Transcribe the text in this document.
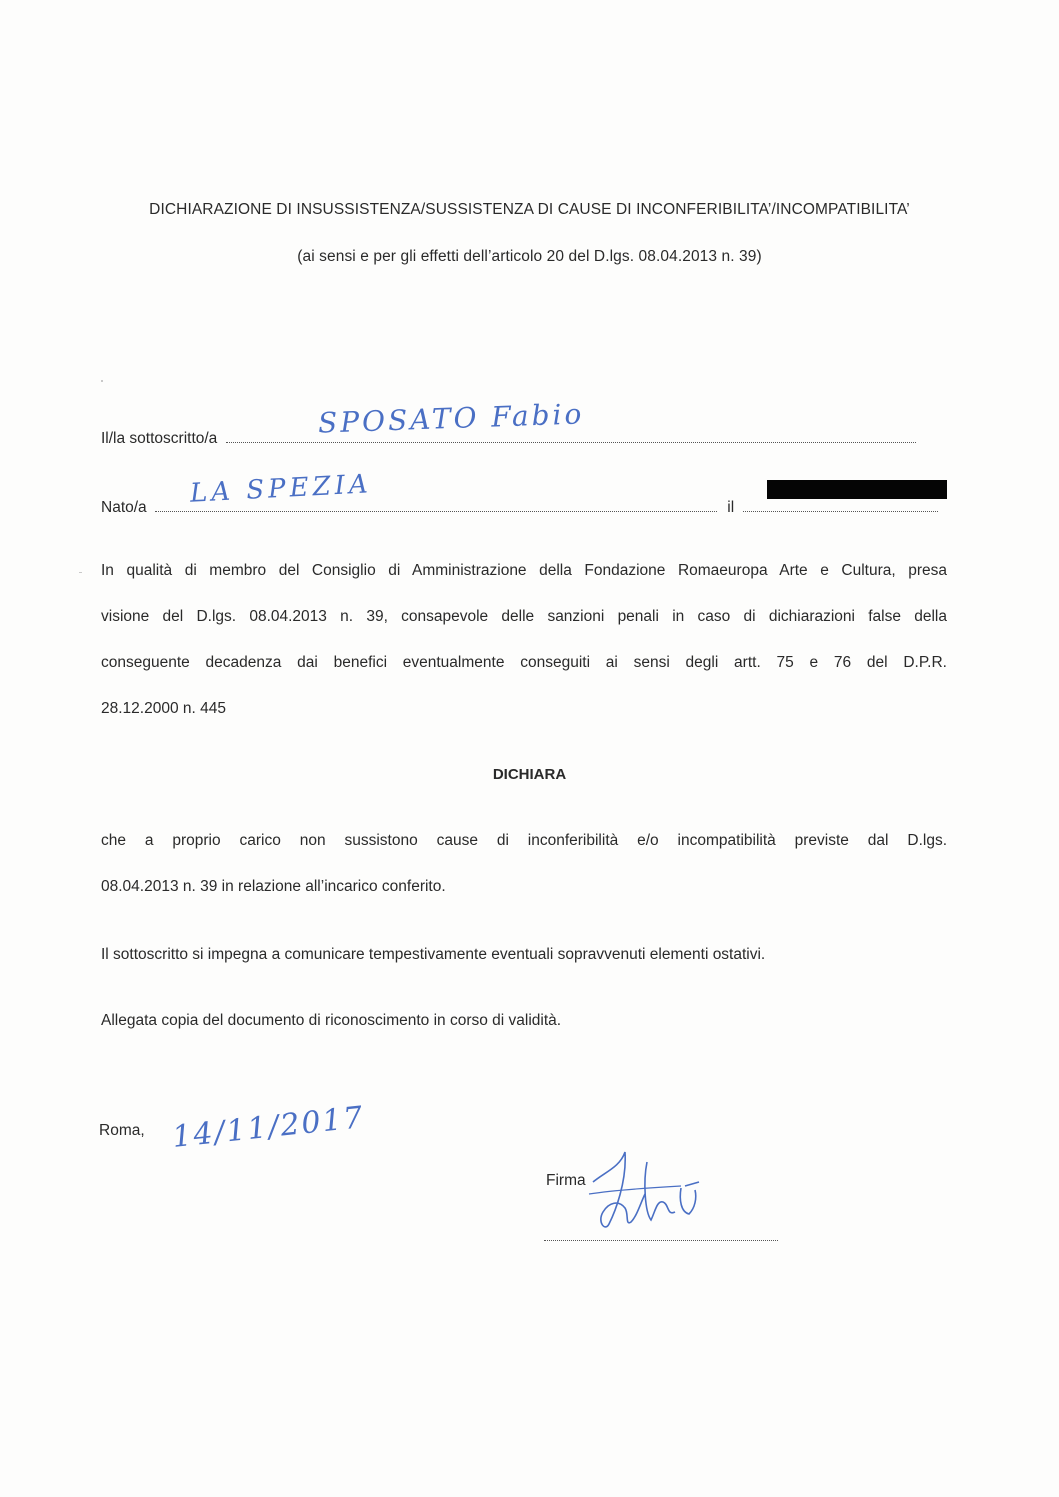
DICHIARAZIONE DI INSUSSISTENZA/SUSSISTENZA DI CAUSE DI INCONFERIBILITA’/INCOMPATIBILITA’
(ai sensi e per gli effetti dell’articolo 20 del D.lgs. 08.04.2013 n. 39)
Il/la sottoscritto/a	SPOSATO Fabio
Nato/a	il
LA SPEZIA
In qualità di membro del Consiglio di Amministrazione della Fondazione Romaeuropa Arte e Cultura, presa
visione del D.lgs. 08.04.2013 n. 39, consapevole delle sanzioni penali in caso di dichiarazioni false della
conseguente decadenza dai benefici eventualmente conseguiti ai sensi degli artt. 75 e 76 del D.P.R.
28.12.2000 n. 445
DICHIARA
che a proprio carico non sussistono cause di inconferibilità e/o incompatibilità previste dal D.lgs.
08.04.2013 n. 39 in relazione all’incarico conferito.
Il sottoscritto si impegna a comunicare tempestivamente eventuali sopravvenuti elementi ostativi.
Allegata copia del documento di riconoscimento in corso di validità.
Roma, 14/11/2017
Firma
